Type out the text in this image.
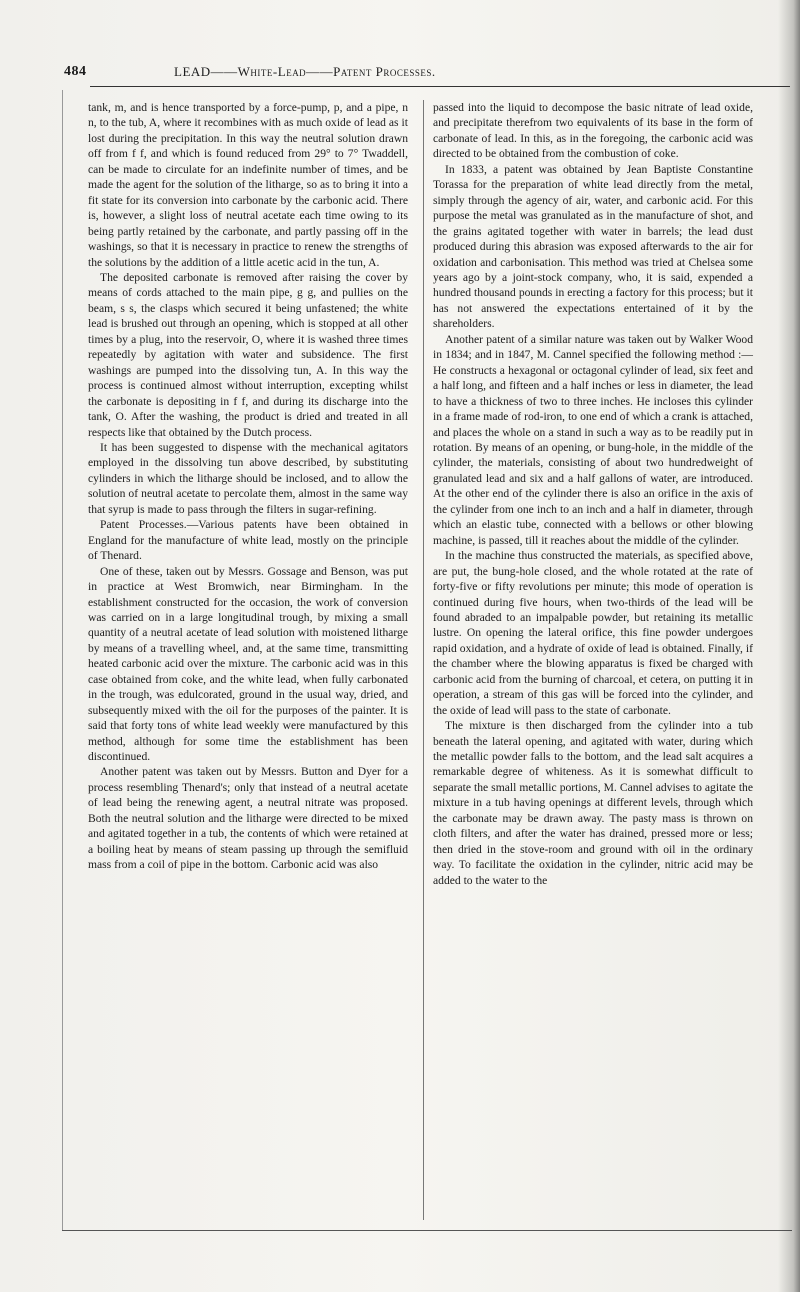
484	LEAD——White-Lead——Patent Processes.

tank, m, and is hence transported by a force-pump, p, and a pipe, n n, to the tub, A, where it recombines with as much oxide of lead as it lost during the precipitation. In this way the neutral solution drawn off from f f, and which is found reduced from 29° to 7° Twaddell, can be made to circulate for an indefinite number of times, and be made the agent for the solution of the litharge, so as to bring it into a fit state for its conversion into carbonate by the carbonic acid. There is, however, a slight loss of neutral acetate each time owing to its being partly retained by the carbonate, and partly passing off in the washings, so that it is necessary in practice to renew the strengths of the solutions by the addition of a little acetic acid in the tun, A.

The deposited carbonate is removed after raising the cover by means of cords attached to the main pipe, g g, and pullies on the beam, s s, the clasps which secured it being unfastened; the white lead is brushed out through an opening, which is stopped at all other times by a plug, into the reservoir, O, where it is washed three times repeatedly by agitation with water and subsidence. The first washings are pumped into the dissolving tun, A. In this way the process is continued almost without interruption, excepting whilst the carbonate is depositing in f f, and during its discharge into the tank, O. After the washing, the product is dried and treated in all respects like that obtained by the Dutch process.

It has been suggested to dispense with the mechanical agitators employed in the dissolving tun above described, by substituting cylinders in which the litharge should be inclosed, and to allow the solution of neutral acetate to percolate them, almost in the same way that syrup is made to pass through the filters in sugar-refining.

Patent Processes.—Various patents have been obtained in England for the manufacture of white lead, mostly on the principle of Thenard.

One of these, taken out by Messrs. Gossage and Benson, was put in practice at West Bromwich, near Birmingham. In the establishment constructed for the occasion, the work of conversion was carried on in a large longitudinal trough, by mixing a small quantity of a neutral acetate of lead solution with moistened litharge by means of a travelling wheel, and, at the same time, transmitting heated carbonic acid over the mixture. The carbonic acid was in this case obtained from coke, and the white lead, when fully carbonated in the trough, was edulcorated, ground in the usual way, dried, and subsequently mixed with the oil for the purposes of the painter. It is said that forty tons of white lead weekly were manufactured by this method, although for some time the establishment has been discontinued.

Another patent was taken out by Messrs. Button and Dyer for a process resembling Thenard's; only that instead of a neutral acetate of lead being the renewing agent, a neutral nitrate was proposed. Both the neutral solution and the litharge were directed to be mixed and agitated together in a tub, the contents of which were retained at a boiling heat by means of steam passing up through the semifluid mass from a coil of pipe in the bottom. Carbonic acid was also

passed into the liquid to decompose the basic nitrate of lead oxide, and precipitate therefrom two equivalents of its base in the form of carbonate of lead. In this, as in the foregoing, the carbonic acid was directed to be obtained from the combustion of coke.

In 1833, a patent was obtained by Jean Baptiste Constantine Torassa for the preparation of white lead directly from the metal, simply through the agency of air, water, and carbonic acid. For this purpose the metal was granulated as in the manufacture of shot, and the grains agitated together with water in barrels; the lead dust produced during this abrasion was exposed afterwards to the air for oxidation and carbonisation. This method was tried at Chelsea some years ago by a joint-stock company, who, it is said, expended a hundred thousand pounds in erecting a factory for this process; but it has not answered the expectations entertained of it by the shareholders.

Another patent of a similar nature was taken out by Walker Wood in 1834; and in 1847, M. Cannel specified the following method :—He constructs a hexagonal or octagonal cylinder of lead, six feet and a half long, and fifteen and a half inches or less in diameter, the lead to have a thickness of two to three inches. He incloses this cylinder in a frame made of rod-iron, to one end of which a crank is attached, and places the whole on a stand in such a way as to be readily put in rotation. By means of an opening, or bung-hole, in the middle of the cylinder, the materials, consisting of about two hundredweight of granulated lead and six and a half gallons of water, are introduced. At the other end of the cylinder there is also an orifice in the axis of the cylinder from one inch to an inch and a half in diameter, through which an elastic tube, connected with a bellows or other blowing machine, is passed, till it reaches about the middle of the cylinder.

In the machine thus constructed the materials, as specified above, are put, the bung-hole closed, and the whole rotated at the rate of forty-five or fifty revolutions per minute; this mode of operation is continued during five hours, when two-thirds of the lead will be found abraded to an impalpable powder, but retaining its metallic lustre. On opening the lateral orifice, this fine powder undergoes rapid oxidation, and a hydrate of oxide of lead is obtained. Finally, if the chamber where the blowing apparatus is fixed be charged with carbonic acid from the burning of charcoal, et cetera, on putting it in operation, a stream of this gas will be forced into the cylinder, and the oxide of lead will pass to the state of carbonate.

The mixture is then discharged from the cylinder into a tub beneath the lateral opening, and agitated with water, during which the metallic powder falls to the bottom, and the lead salt acquires a remarkable degree of whiteness. As it is somewhat difficult to separate the small metallic portions, M. Cannel advises to agitate the mixture in a tub having openings at different levels, through which the carbonate may be drawn away. The pasty mass is thrown on cloth filters, and after the water has drained, pressed more or less; then dried in the stove-room and ground with oil in the ordinary way. To facilitate the oxidation in the cylinder, nitric acid may be added to the water to the
